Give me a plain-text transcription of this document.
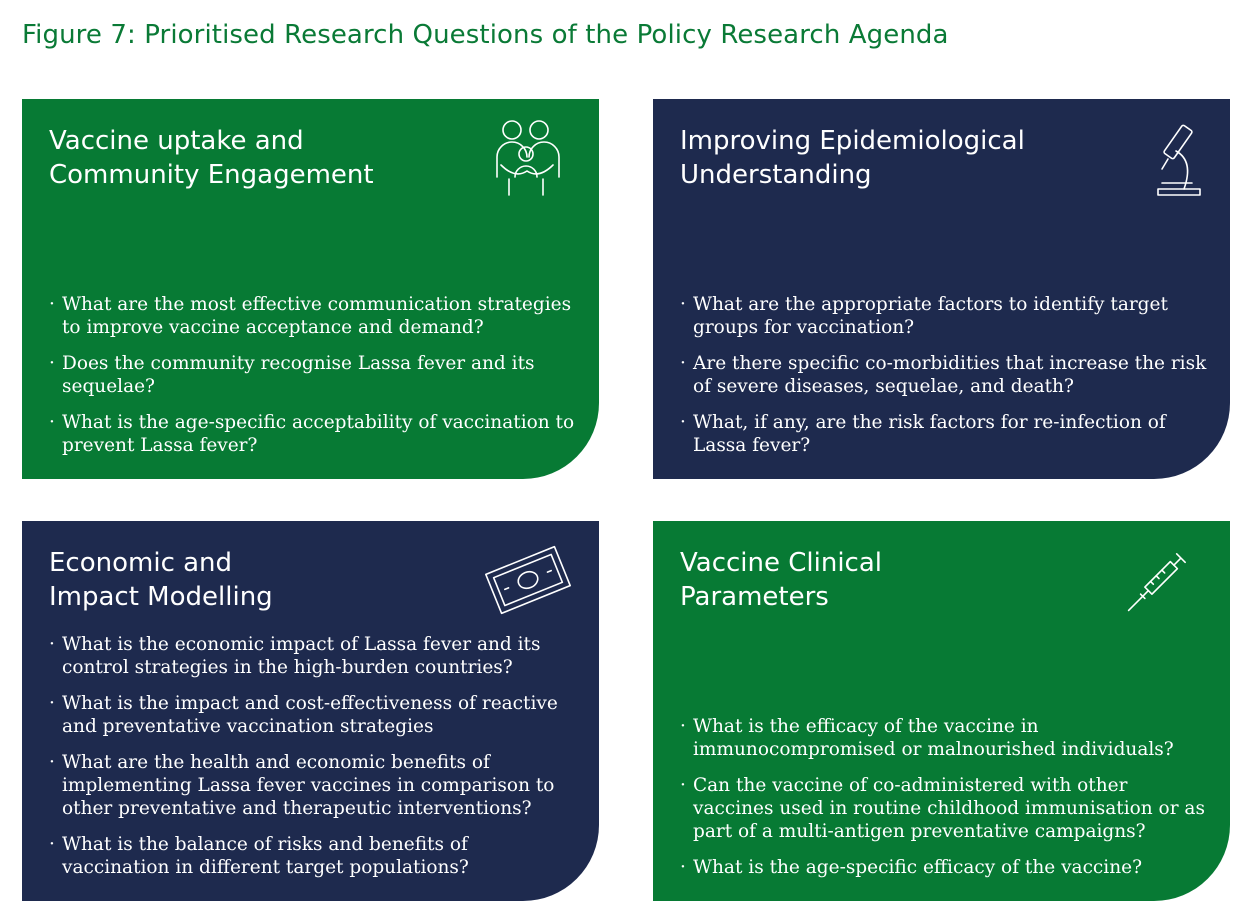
Figure 7: Prioritised Research Questions of the Policy Research Agenda
Vaccine uptake and
Community Engagement
· What are the most effective communication strategies to improve vaccine acceptance and demand?
· Does the community recognise Lassa fever and its sequelae?
· What is the age-specific acceptability of vaccination to prevent Lassa fever?
Improving Epidemiological
Understanding
· What are the appropriate factors to identify target groups for vaccination?
· Are there specific co-morbidities that increase the risk of severe diseases, sequelae, and death?
· What, if any, are the risk factors for re-infection of Lassa fever?
Economic and
Impact Modelling
· What is the economic impact of Lassa fever and its control strategies in the high-burden countries?
· What is the impact and cost-effectiveness of reactive and preventative vaccination strategies
· What are the health and economic benefits of implementing Lassa fever vaccines in comparison to other preventative and therapeutic interventions?
· What is the balance of risks and benefits of vaccination in different target populations?
Vaccine Clinical
Parameters
· What is the efficacy of the vaccine in immunocompromised or malnourished individuals?
· Can the vaccine of co-administered with other vaccines used in routine childhood immunisation or as part of a multi-antigen preventative campaigns?
· What is the age-specific efficacy of the vaccine?
